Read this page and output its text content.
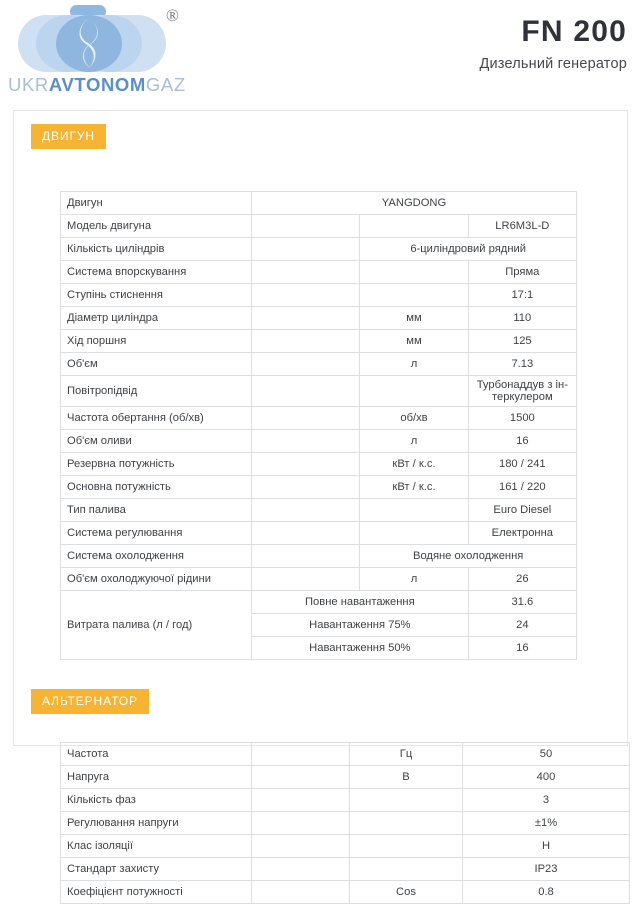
®
UKRAVTONOMGAZ
FN 200
Дизельний генератор
ДВИГУН
Двигун	YANGDONG		
Модель двигуна			LR6M3L-D
Кількість циліндрів		6-циліндровий рядний	
Система впорскування			Пряма
Ступінь стиснення			17:1
Діаметр циліндра		мм	110
Хід поршня		мм	125
Об'єм		л	7.13
Повітропідвід			Турбонаддув з ін-теркулером
Частота обертання (об/хв)		об/хв	1500
Об'єм оливи		л	16
Резервна потужність		кВт / к.с.	180 / 241
Основна потужність		кВт / к.с.	161 / 220
Тип палива			Euro Diesel
Система регулювання			Електронна
Система охолодження		Водяне охолодження	
Об'єм охолоджуючої рідини		л	26
Витрата палива (л / год)	Повне навантаження		31.6
	Навантаження 75%		24
	Навантаження 50%		16
АЛЬТЕРНАТОР
Частота		Гц	50
Напруга		В	400
Кількість фаз			3
Регулювання напруги			±1%
Клас ізоляції			H
Стандарт захисту			IP23
Коефіцієнт потужності		Cos	0.8
